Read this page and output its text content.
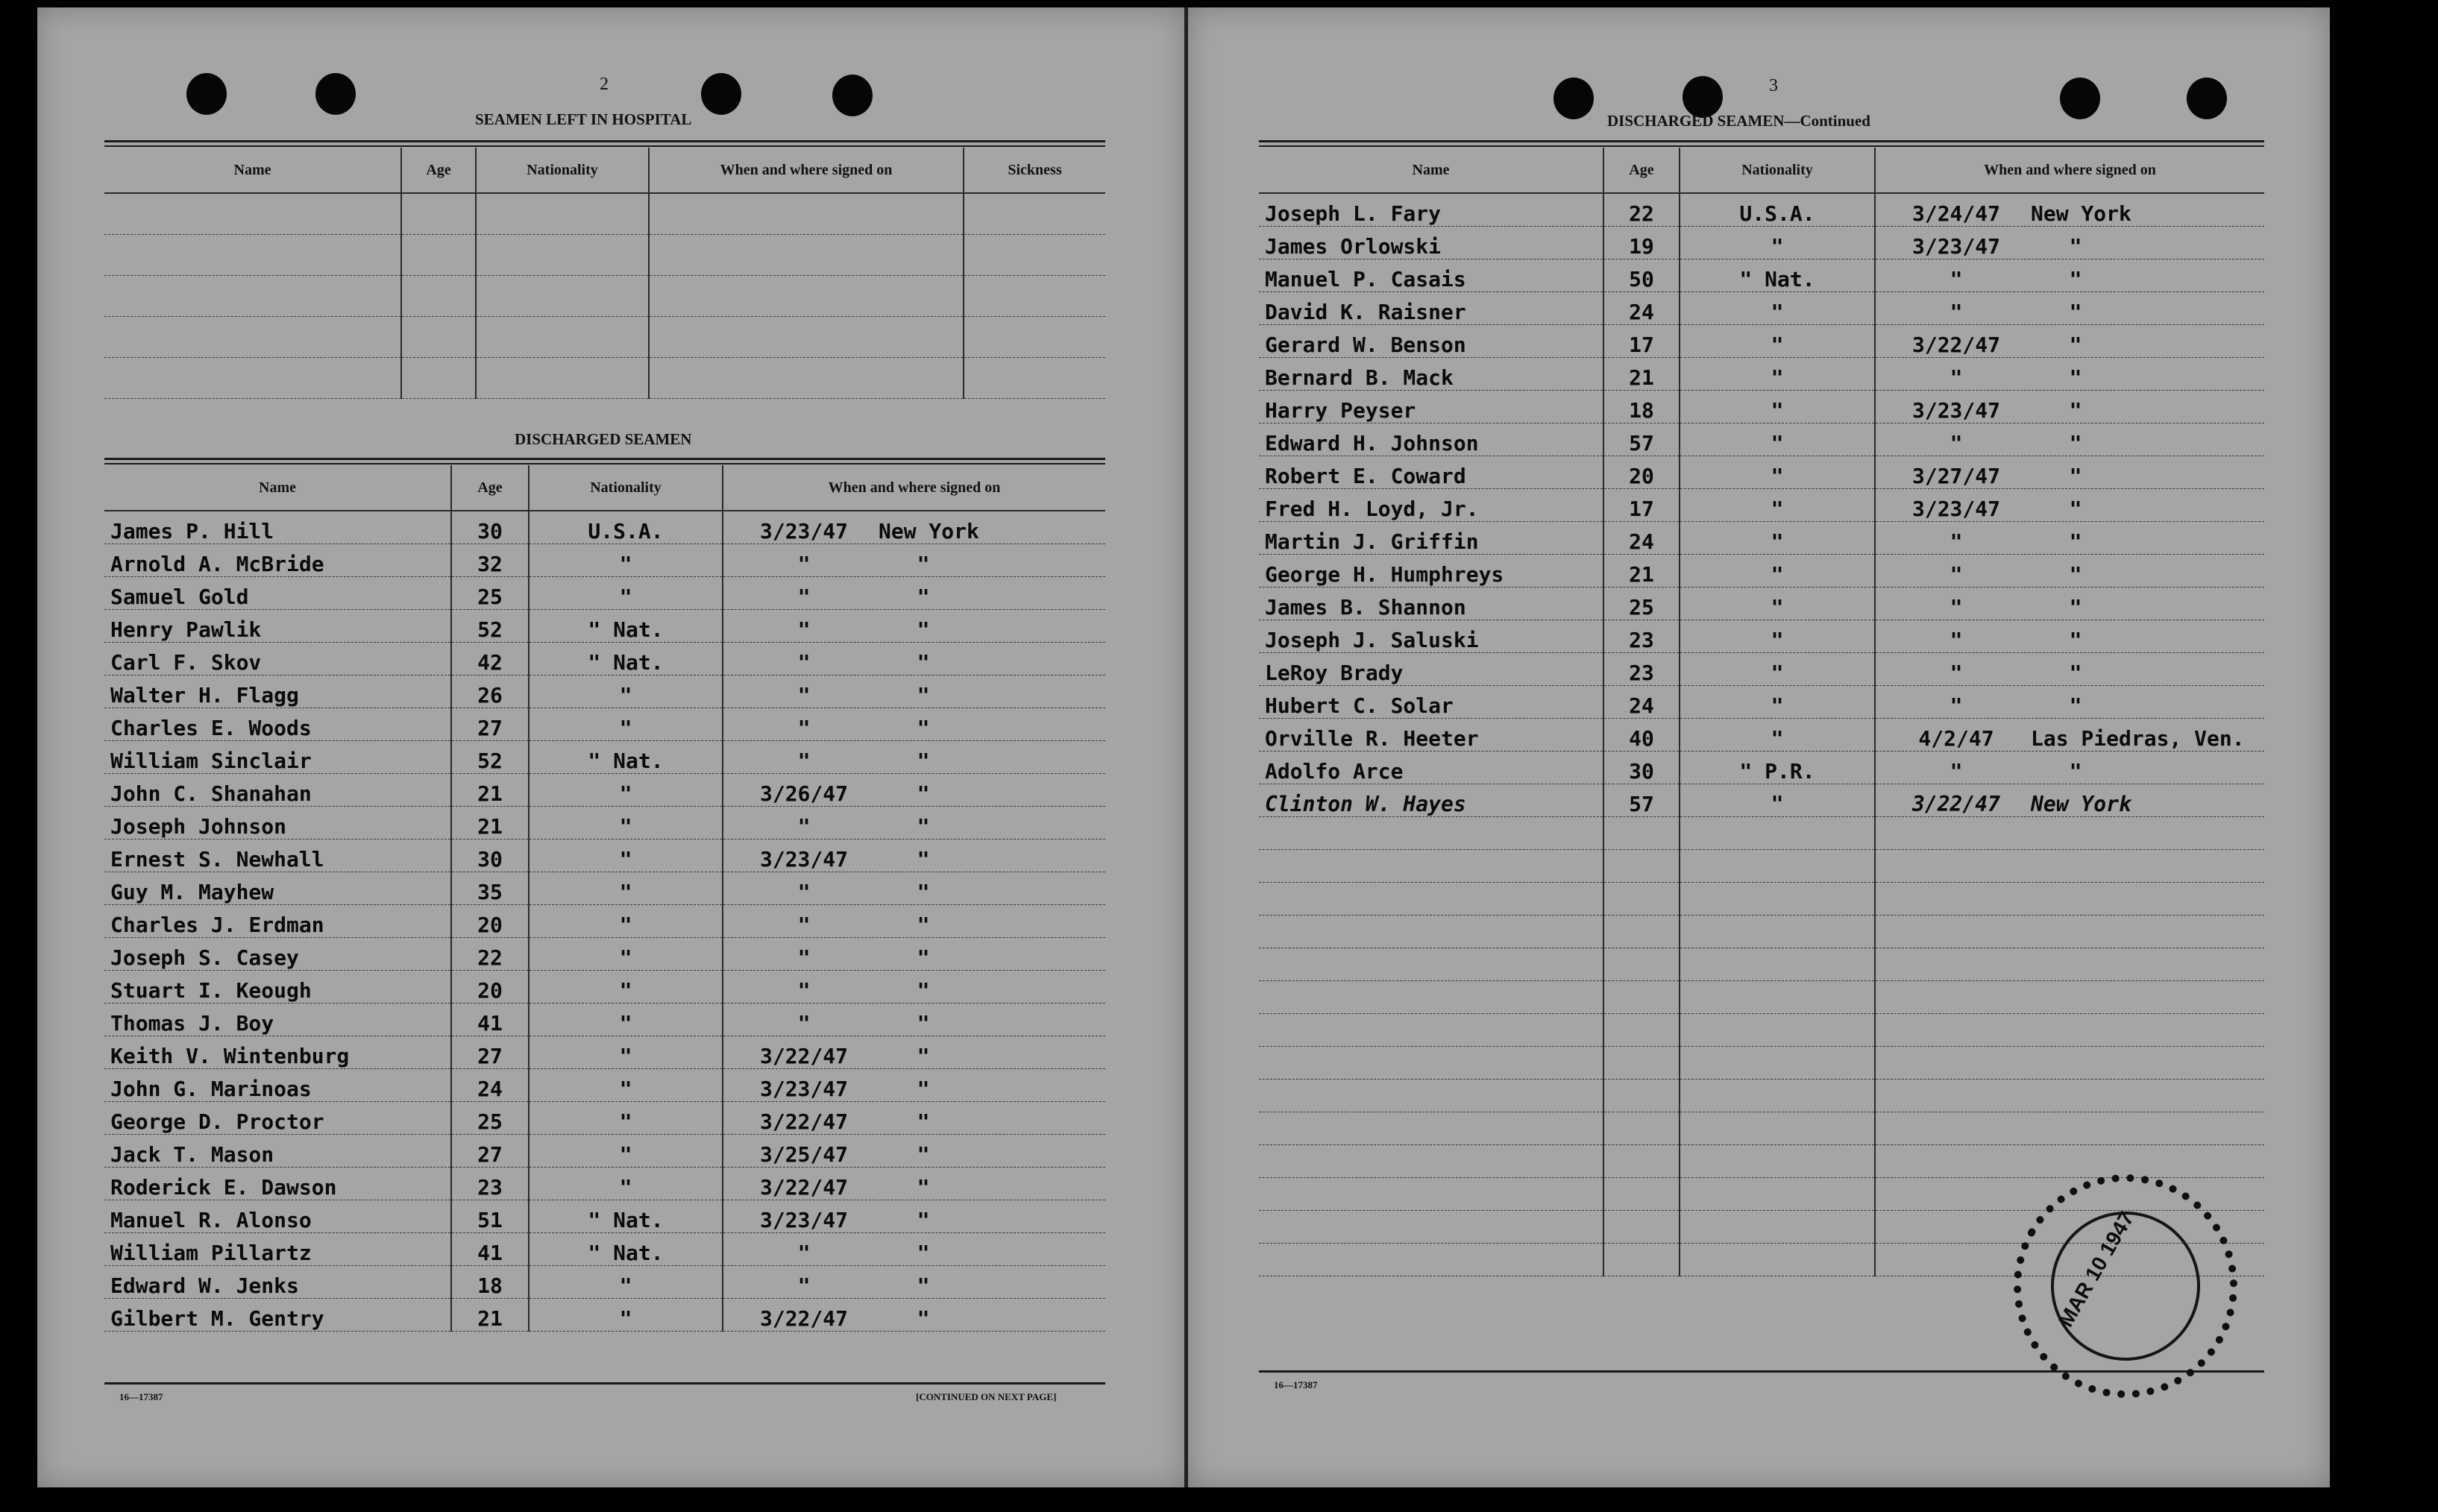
2
SEAMEN LEFT IN HOSPITAL
Name	Age	Nationality	When and where signed on	Sickness

DISCHARGED SEAMEN
Name	Age	Nationality	When and where signed on
James P. Hill	30	U.S.A.	3/23/47 New York
Arnold A. McBride	32	"	" "
Samuel Gold	25	"	" "
Henry Pawlik	52	" Nat.	" "
Carl F. Skov	42	" Nat.	" "
Walter H. Flagg	26	"	" "
Charles E. Woods	27	"	" "
William Sinclair	52	" Nat.	" "
John C. Shanahan	21	"	3/26/47 "
Joseph Johnson	21	"	" "
Ernest S. Newhall	30	"	3/23/47 "
Guy M. Mayhew	35	"	" "
Charles J. Erdman	20	"	" "
Joseph S. Casey	22	"	" "
Stuart I. Keough	20	"	" "
Thomas J. Boy	41	"	" "
Keith V. Wintenburg	27	"	3/22/47 "
John G. Marinoas	24	"	3/23/47 "
George D. Proctor	25	"	3/22/47 "
Jack T. Mason	27	"	3/25/47 "
Roderick E. Dawson	23	"	3/22/47 "
Manuel R. Alonso	51	" Nat.	3/23/47 "
William Pillartz	41	" Nat.	" "
Edward W. Jenks	18	"	" "
Gilbert M. Gentry	21	"	3/22/47 "
16—17387	[CONTINUED ON NEXT PAGE]
3
DISCHARGED SEAMEN—Continued
Name	Age	Nationality	When and where signed on
Joseph L. Fary	22	U.S.A.	3/24/47 New York
James Orlowski	19	"	3/23/47 "
Manuel P. Casais	50	" Nat.	" "
David K. Raisner	24	"	" "
Gerard W. Benson	17	"	3/22/47 "
Bernard B. Mack	21	"	" "
Harry Peyser	18	"	3/23/47 "
Edward H. Johnson	57	"	" "
Robert E. Coward	20	"	3/27/47 "
Fred H. Loyd, Jr.	17	"	3/23/47 "
Martin J. Griffin	24	"	" "
George H. Humphreys	21	"	" "
James B. Shannon	25	"	" "
Joseph J. Saluski	23	"	" "
LeRoy Brady	23	"	" "
Hubert C. Solar	24	"	" "
Orville R. Heeter	40	"	4/2/47 Las Piedras, Ven.
Adolfo Arce	30	" P.R.	" "
Clinton W. Hayes	57	"	3/22/47 New York

16—17387
MAR 10 1947
